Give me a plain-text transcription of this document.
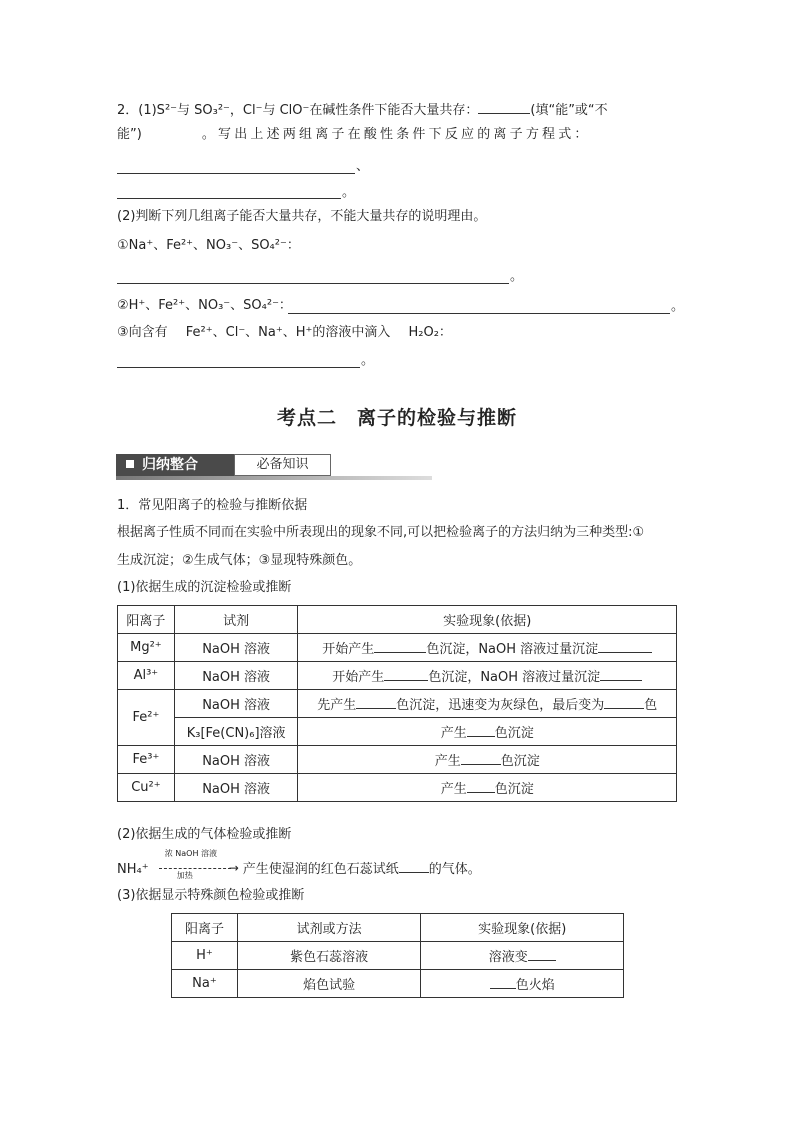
2．(1)S²⁻与 SO₃²⁻，Cl⁻与 ClO⁻在碱性条件下能否大量共存：	(填“能”或“不
能”)	。写出上述两组离子在酸性条件下反应的离子方程式：
、
。
(2)判断下列几组离子能否大量共存，不能大量共存的说明理由。
①Na⁺、Fe²⁺、NO₃⁻、SO₄²⁻：
。
②H⁺、Fe²⁺、NO₃⁻、SO₄²⁻：	。
③向含有 Fe²⁺、Cl⁻、Na⁺、H⁺的溶液中滴入 H₂O₂：
。
考点二　离子的检验与推断
归纳整合	必备知识
1．常见阳离子的检验与推断依据
根据离子性质不同而在实验中所表现出的现象不同,可以把检验离子的方法归纳为三种类型:①
生成沉淀；②生成气体；③显现特殊颜色。
(1)依据生成的沉淀检验或推断
阳离子	试剂	实验现象(依据)
Mg²⁺	NaOH 溶液	开始产生 色沉淀，NaOH 溶液过量沉淀
Al³⁺	NaOH 溶液	开始产生 色沉淀，NaOH 溶液过量沉淀
Fe²⁺	NaOH 溶液	先产生 色沉淀，迅速变为灰绿色，最后变为 色
	K₃[Fe(CN)₆]溶液	产生 色沉淀
Fe³⁺	NaOH 溶液	产生 色沉淀
Cu²⁺	NaOH 溶液	产生 色沉淀
(2)依据生成的气体检验或推断
NH₄⁺
浓 NaOH 溶液
→
加热	产生使湿润的红色石蕊试纸 的气体。
(3)依据显示特殊颜色检验或推断
阳离子	试剂或方法	实验现象(依据)
H⁺	紫色石蕊溶液	溶液变
Na⁺	焰色试验	色火焰
